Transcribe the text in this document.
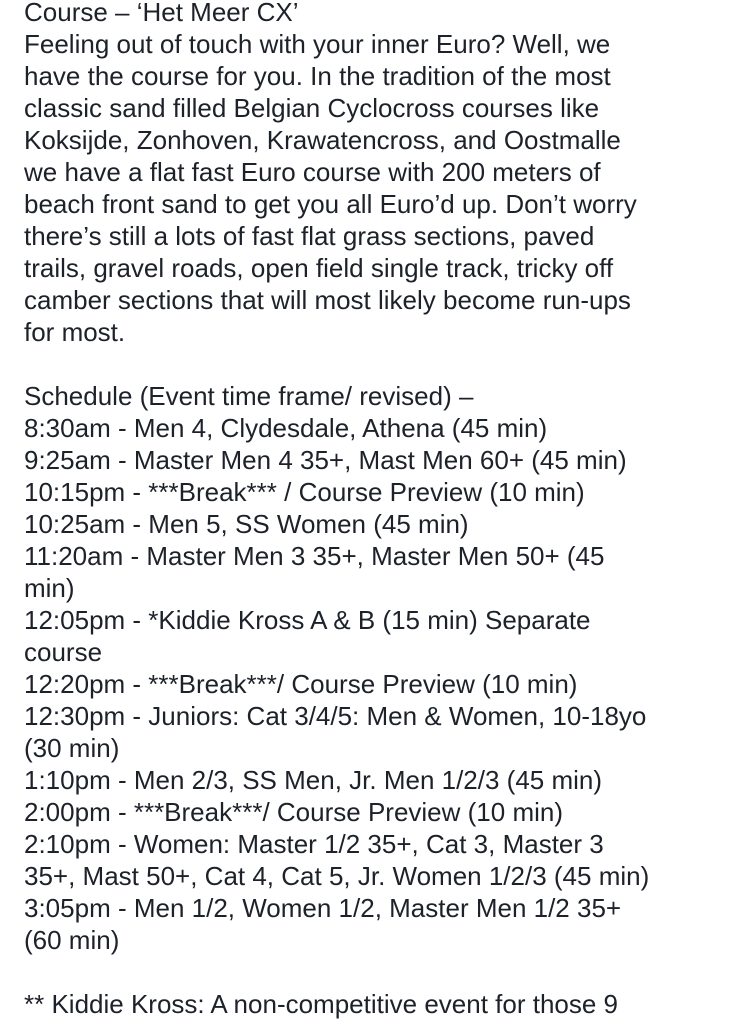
Course – ‘Het Meer CX’
Feeling out of touch with your inner Euro? Well, we
have the course for you. In the tradition of the most
classic sand filled Belgian Cyclocross courses like
Koksijde, Zonhoven, Krawatencross, and Oostmalle
we have a flat fast Euro course with 200 meters of
beach front sand to get you all Euro’d up. Don’t worry
there’s still a lots of fast flat grass sections, paved
trails, gravel roads, open field single track, tricky off
camber sections that will most likely become run-ups
for most.
Schedule (Event time frame/ revised) –
8:30am - Men 4, Clydesdale, Athena (45 min)
9:25am - Master Men 4 35+, Mast Men 60+ (45 min)
10:15pm - ***Break*** / Course Preview (10 min)
10:25am - Men 5, SS Women (45 min)
11:20am - Master Men 3 35+, Master Men 50+ (45
min)
12:05pm - *Kiddie Kross A & B (15 min) Separate
course
12:20pm - ***Break***/ Course Preview (10 min)
12:30pm - Juniors: Cat 3/4/5: Men & Women, 10-18yo
(30 min)
1:10pm - Men 2/3, SS Men, Jr. Men 1/2/3 (45 min)
2:00pm - ***Break***/ Course Preview (10 min)
2:10pm - Women: Master 1/2 35+, Cat 3, Master 3
35+, Mast 50+, Cat 4, Cat 5, Jr. Women 1/2/3 (45 min)
3:05pm - Men 1/2, Women 1/2, Master Men 1/2 35+
(60 min)
** Kiddie Kross: A non-competitive event for those 9
